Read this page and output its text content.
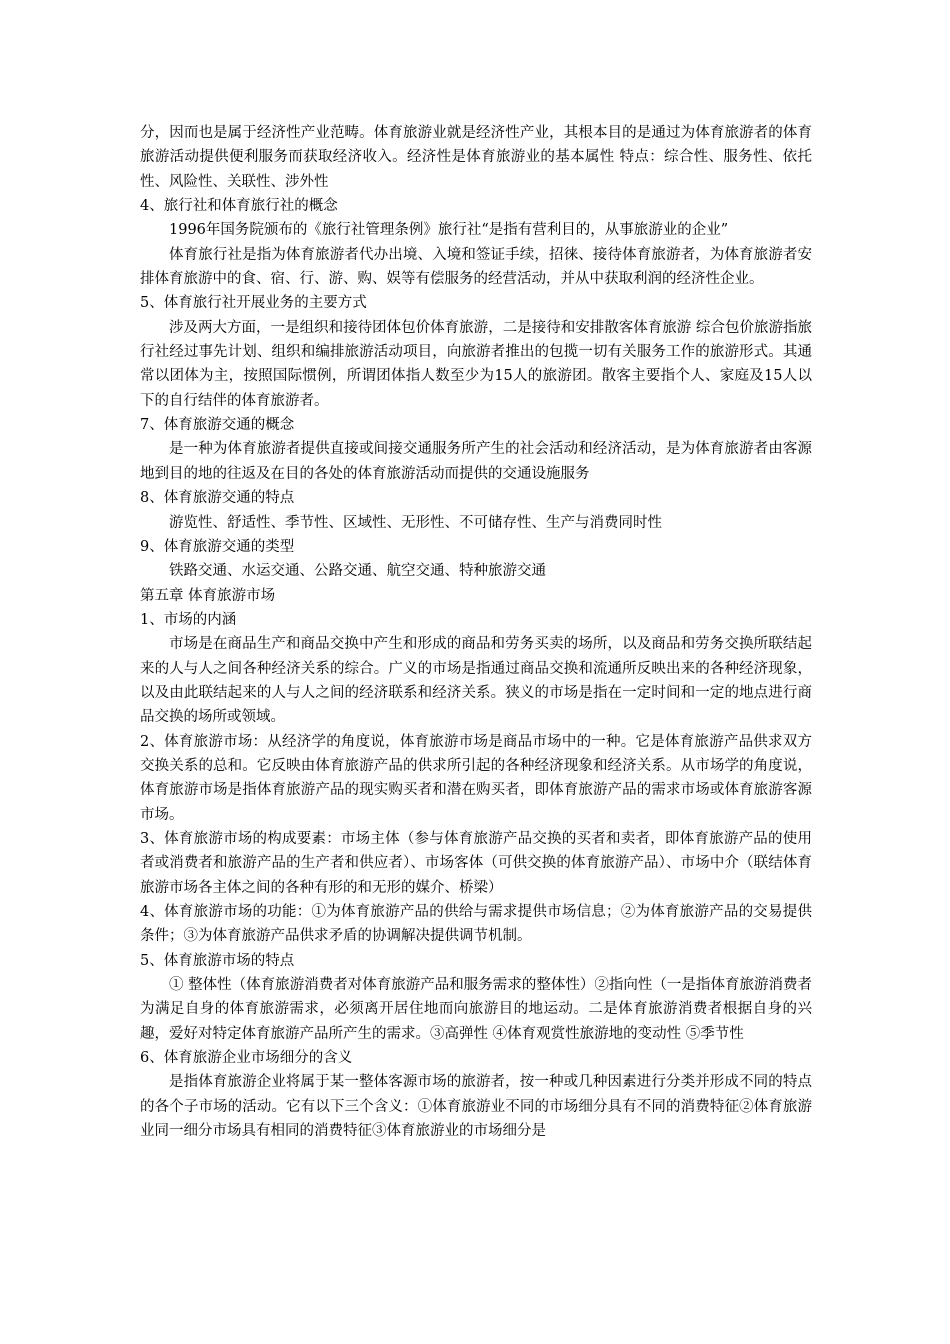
分，因而也是属于经济性产业范畴。体育旅游业就是经济性产业，其根本目的是通过为体育旅游者的体育旅游活动提供便利服务而获取经济收入。经济性是体育旅游业的基本属性 特点：综合性、服务性、依托性、风险性、关联性、涉外性

4、旅行社和体育旅行社的概念

1996年国务院颁布的《旅行社管理条例》旅行社“是指有营利目的，从事旅游业的企业”

体育旅行社是指为体育旅游者代办出境、入境和签证手续，招徕、接待体育旅游者，为体育旅游者安排体育旅游中的食、宿、行、游、购、娱等有偿服务的经营活动，并从中获取利润的经济性企业。

5、体育旅行社开展业务的主要方式

涉及两大方面，一是组织和接待团体包价体育旅游，二是接待和安排散客体育旅游 综合包价旅游指旅行社经过事先计划、组织和编排旅游活动项目，向旅游者推出的包揽一切有关服务工作的旅游形式。其通常以团体为主，按照国际惯例，所谓团体指人数至少为15人的旅游团。散客主要指个人、家庭及15人以下的自行结伴的体育旅游者。

7、体育旅游交通的概念

是一种为体育旅游者提供直接或间接交通服务所产生的社会活动和经济活动，是为体育旅游者由客源地到目的地的往返及在目的各处的体育旅游活动而提供的交通设施服务

8、体育旅游交通的特点

游览性、舒适性、季节性、区域性、无形性、不可储存性、生产与消费同时性

9、体育旅游交通的类型

铁路交通、水运交通、公路交通、航空交通、特种旅游交通

第五章 体育旅游市场

1、市场的内涵

市场是在商品生产和商品交换中产生和形成的商品和劳务买卖的场所，以及商品和劳务交换所联结起来的人与人之间各种经济关系的综合。广义的市场是指通过商品交换和流通所反映出来的各种经济现象，以及由此联结起来的人与人之间的经济联系和经济关系。狭义的市场是指在一定时间和一定的地点进行商品交换的场所或领域。

2、体育旅游市场：从经济学的角度说，体育旅游市场是商品市场中的一种。它是体育旅游产品供求双方交换关系的总和。它反映由体育旅游产品的供求所引起的各种经济现象和经济关系。从市场学的角度说，体育旅游市场是指体育旅游产品的现实购买者和潜在购买者，即体育旅游产品的需求市场或体育旅游客源市场。

3、体育旅游市场的构成要素：市场主体（参与体育旅游产品交换的买者和卖者，即体育旅游产品的使用者或消费者和旅游产品的生产者和供应者）、市场客体（可供交换的体育旅游产品）、市场中介（联结体育旅游市场各主体之间的各种有形的和无形的媒介、桥梁）

4、体育旅游市场的功能：①为体育旅游产品的供给与需求提供市场信息；②为体育旅游产品的交易提供条件；③为体育旅游产品供求矛盾的协调解决提供调节机制。

5、体育旅游市场的特点

① 整体性（体育旅游消费者对体育旅游产品和服务需求的整体性）②指向性（一是指体育旅游消费者为满足自身的体育旅游需求，必须离开居住地而向旅游目的地运动。二是体育旅游消费者根据自身的兴趣，爱好对特定体育旅游产品所产生的需求。③高弹性 ④体育观赏性旅游地的变动性 ⑤季节性

6、体育旅游企业市场细分的含义

是指体育旅游企业将属于某一整体客源市场的旅游者，按一种或几种因素进行分类并形成不同的特点的各个子市场的活动。它有以下三个含义：①体育旅游业不同的市场细分具有不同的消费特征②体育旅游业同一细分市场具有相同的消费特征③体育旅游业的市场细分是
